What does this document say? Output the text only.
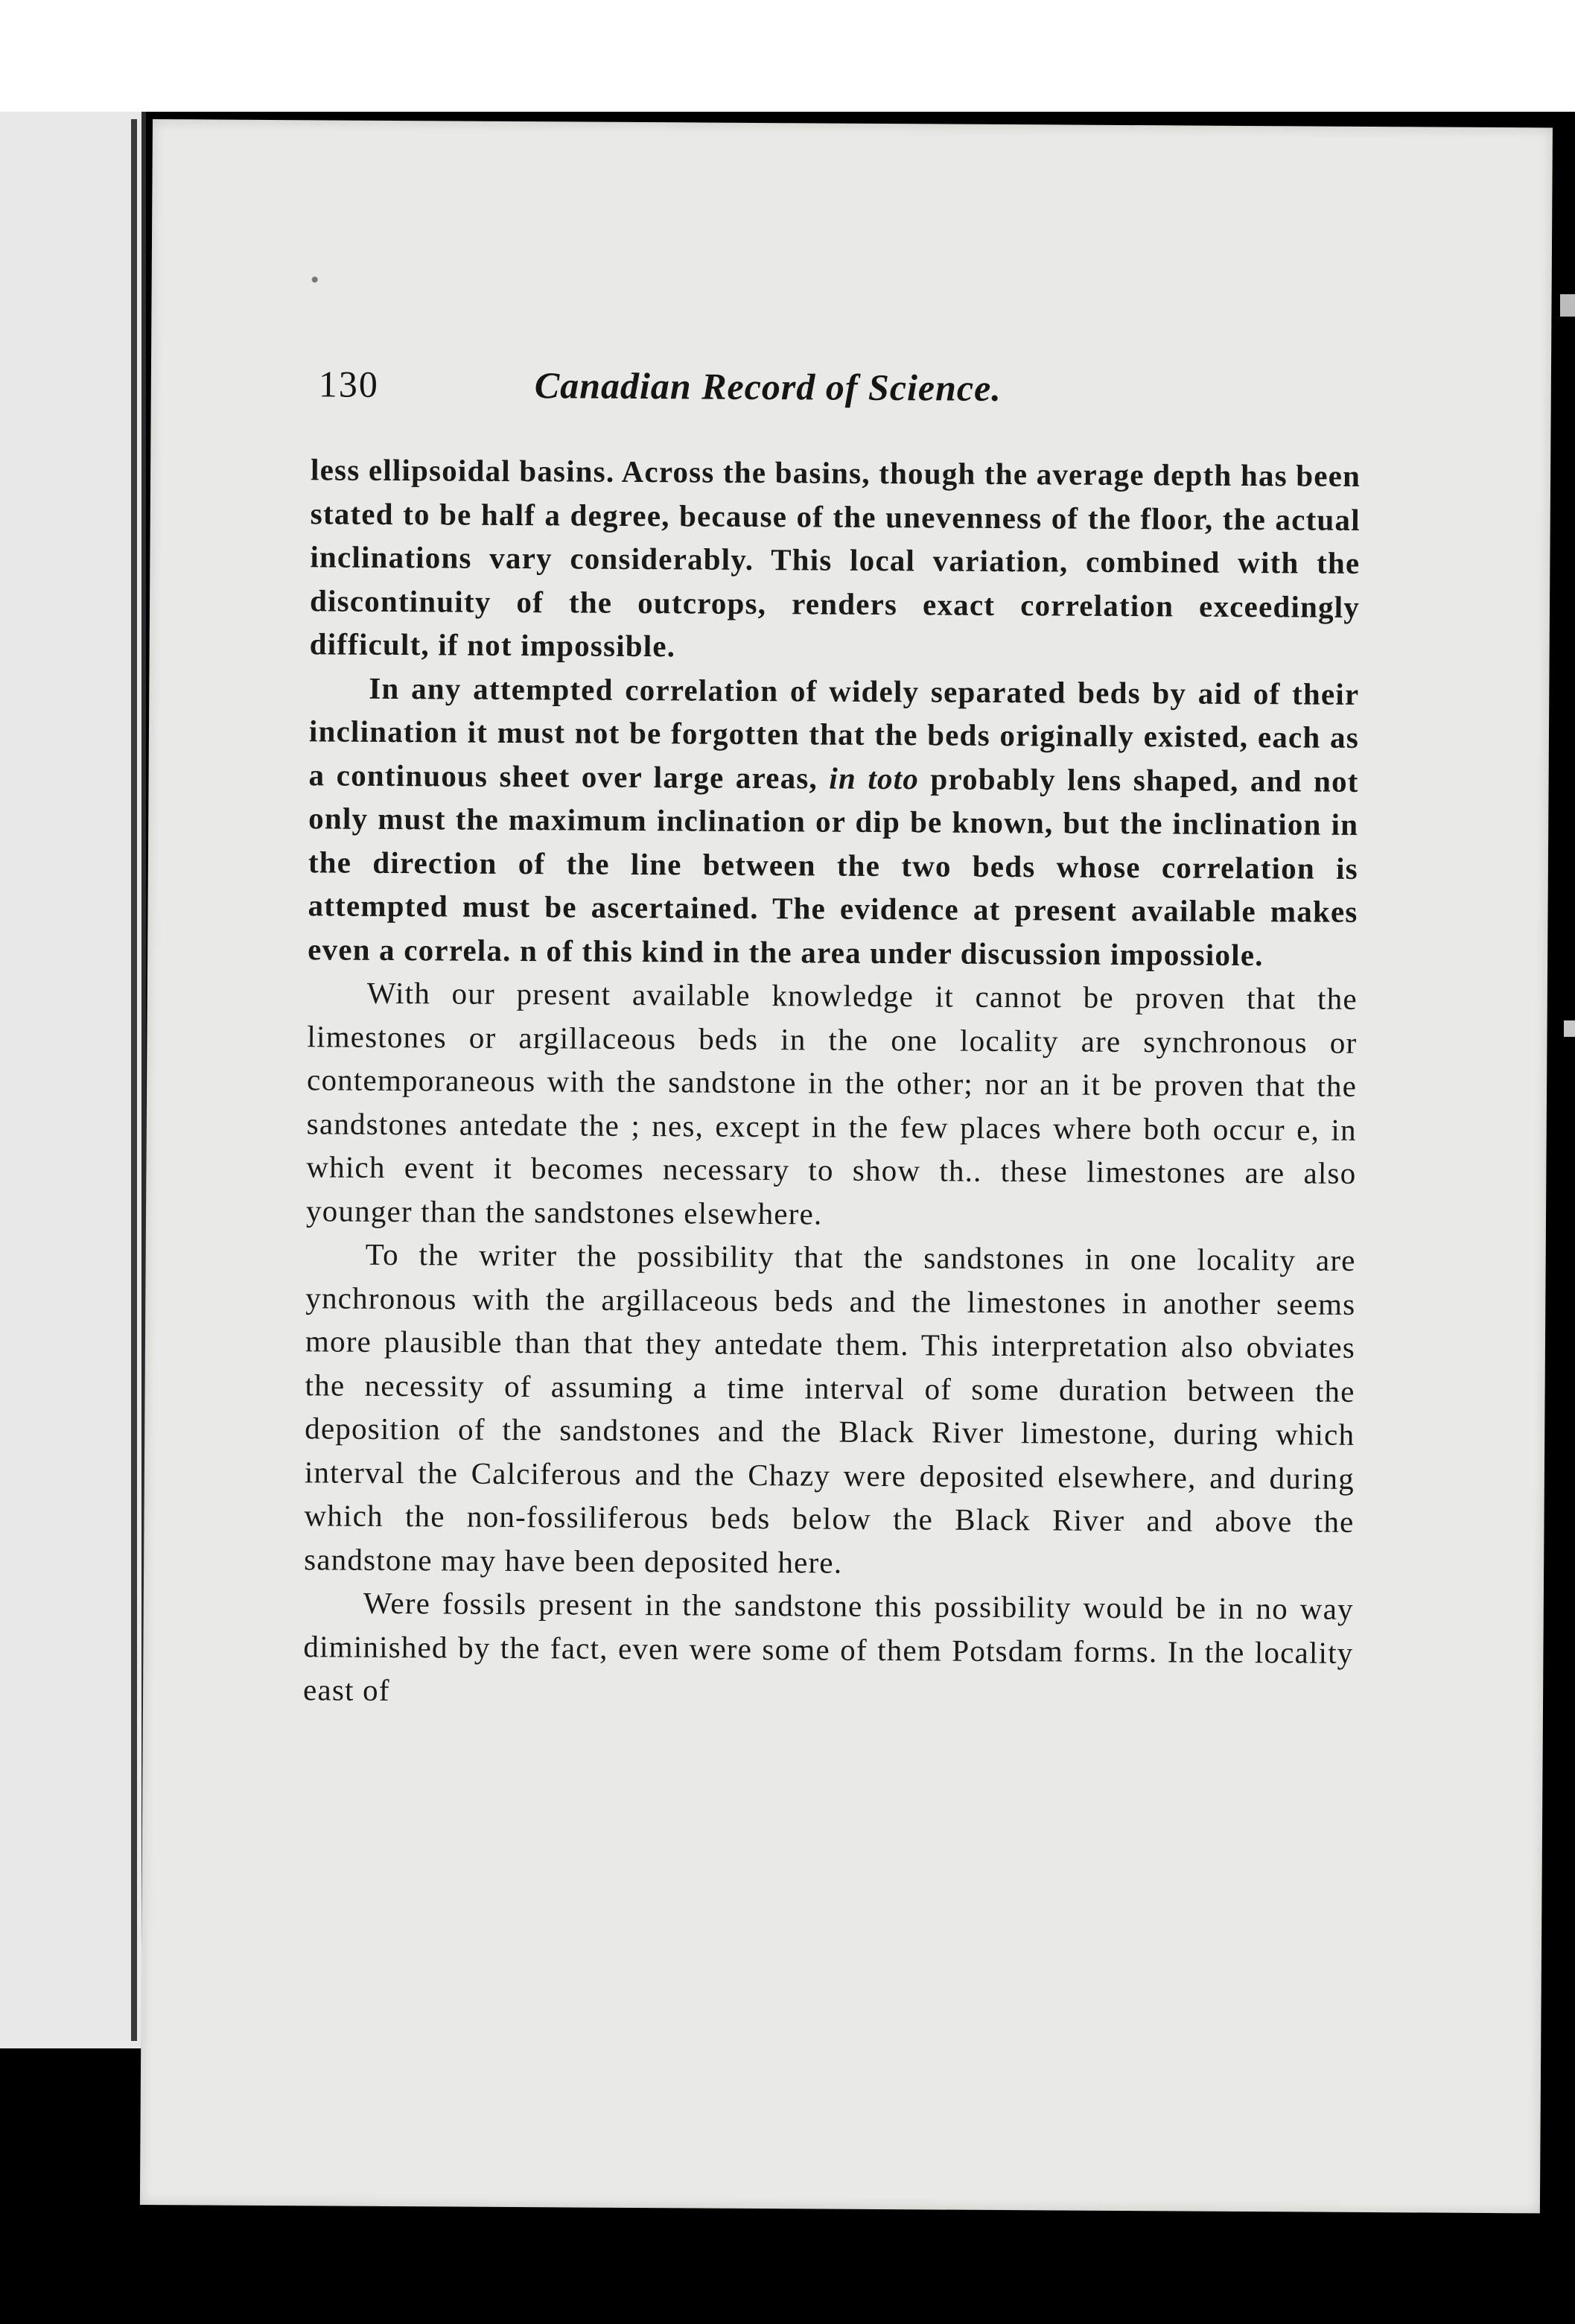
130	Canadian Record of Science.

less ellipsoidal basins. Across the basins, though the average depth has been stated to be half a degree, because of the unevenness of the floor, the actual inclinations vary considerably. This local variation, combined with the discontinuity of the outcrops, renders exact correlation exceedingly difficult, if not impossible.

In any attempted correlation of widely separated beds by aid of their inclination it must not be forgotten that the beds originally existed, each as a continuous sheet over large areas, in toto probably lens shaped, and not only must the maximum inclination or dip be known, but the inclination in the direction of the line between the two beds whose correlation is attempted must be ascertained. The evidence at present available makes even a correla. n of this kind in the area under discussion impossiole.

With our present available knowledge it cannot be proven that the limestones or argillaceous beds in the one locality are synchronous or contemporaneous with the sandstone in the other; nor an it be proven that the sandstones antedate the ; nes, except in the few places where both occur e, in which event it becomes necessary to show th.. these limestones are also younger than the sandstones elsewhere.

To the writer the possibility that the sandstones in one locality are ynchronous with the argillaceous beds and the limestones in another seems more plausible than that they antedate them. This interpretation also obviates the necessity of assuming a time interval of some duration between the deposition of the sandstones and the Black River limestone, during which interval the Calciferous and the Chazy were deposited elsewhere, and during which the non-fossiliferous beds below the Black River and above the sandstone may have been deposited here.

Were fossils present in the sandstone this possibility would be in no way diminished by the fact, even were some of them Potsdam forms. In the locality east of
